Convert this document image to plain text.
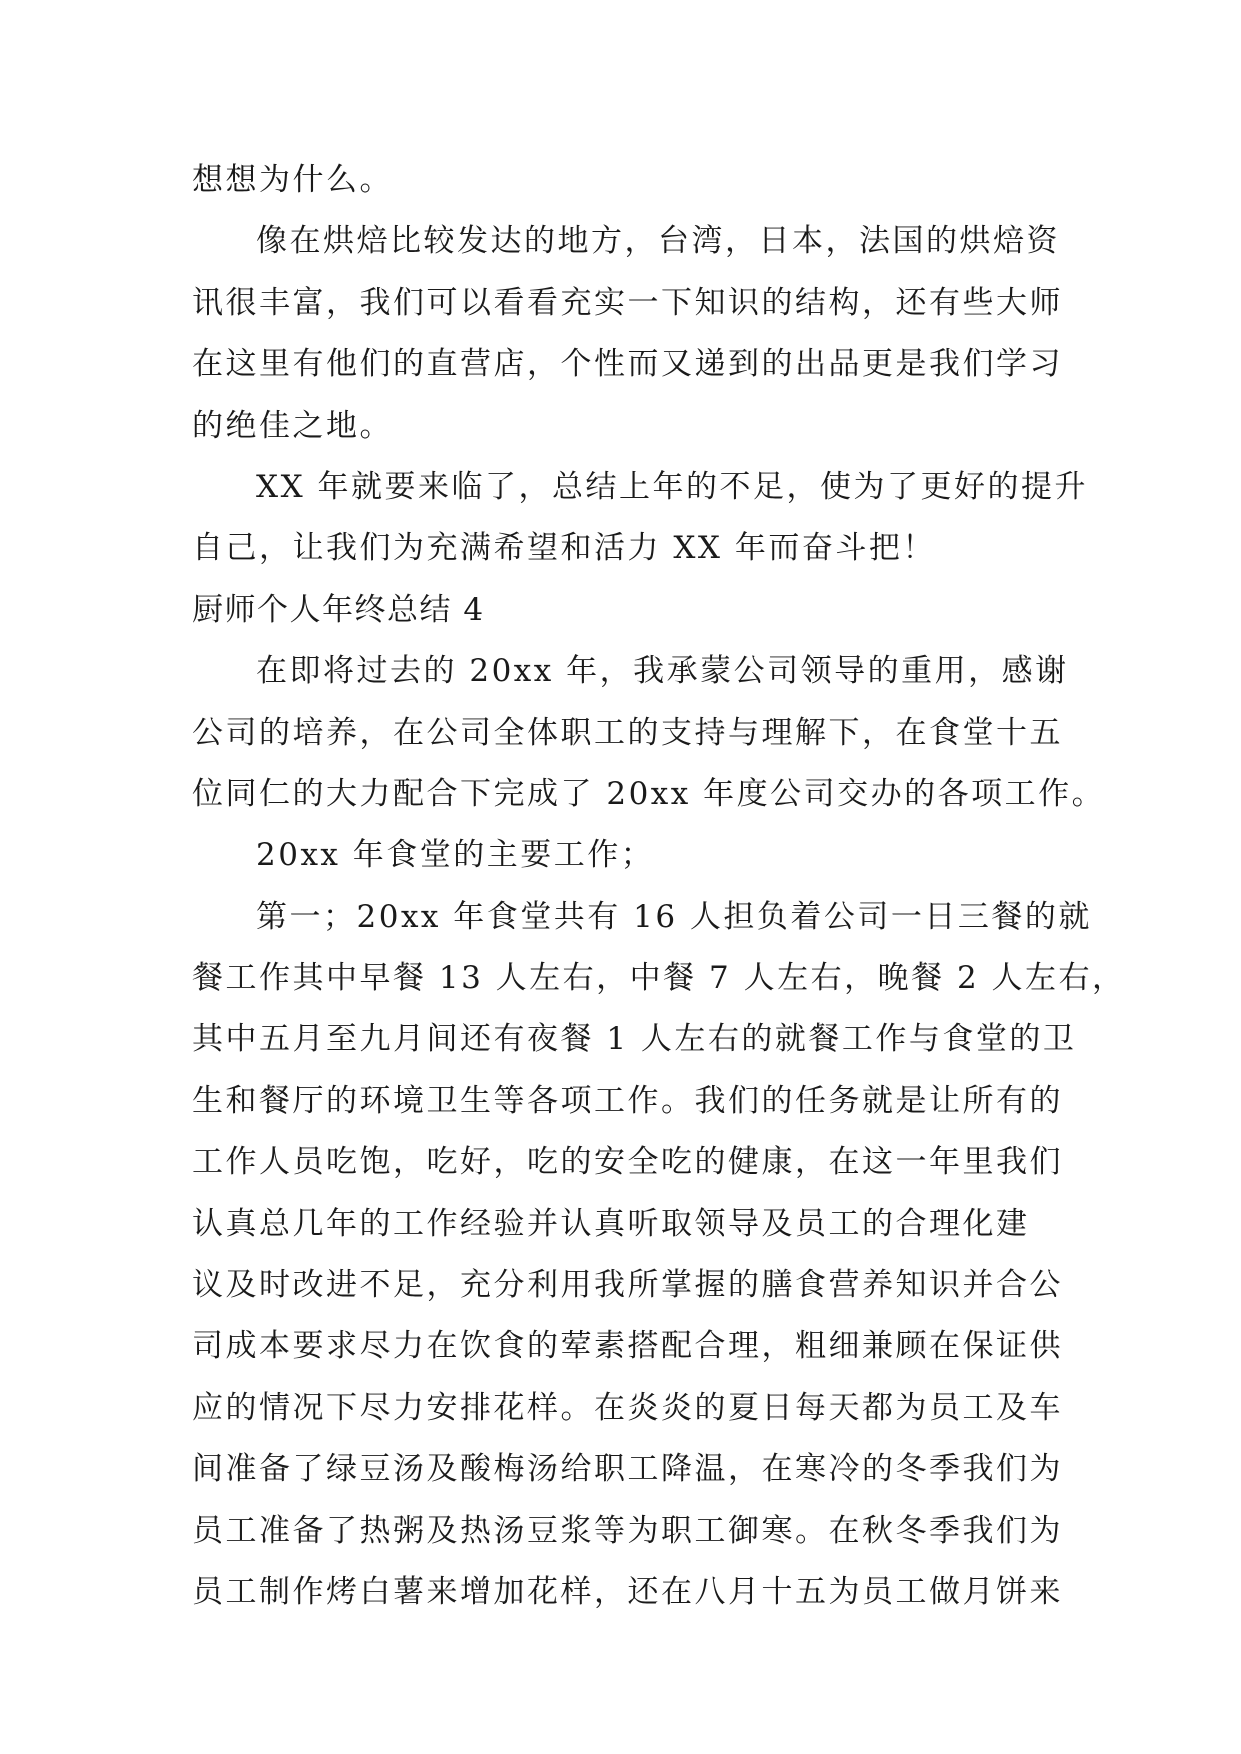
想想为什么。
像在烘焙比较发达的地方，台湾，日本，法国的烘焙资
讯很丰富，我们可以看看充实一下知识的结构，还有些大师
在这里有他们的直营店，个性而又递到的出品更是我们学习
的绝佳之地。
XX 年就要来临了，总结上年的不足，使为了更好的提升
自己，让我们为充满希望和活力 XX 年而奋斗把！
厨师个人年终总结 4
在即将过去的 20xx 年，我承蒙公司领导的重用，感谢
公司的培养，在公司全体职工的支持与理解下，在食堂十五
位同仁的大力配合下完成了 20xx 年度公司交办的各项工作。
20xx 年食堂的主要工作；
第一；20xx 年食堂共有 16 人担负着公司一日三餐的就
餐工作其中早餐 13 人左右，中餐 7 人左右，晚餐 2 人左右，
其中五月至九月间还有夜餐 1 人左右的就餐工作与食堂的卫
生和餐厅的环境卫生等各项工作。我们的任务就是让所有的
工作人员吃饱，吃好，吃的安全吃的健康，在这一年里我们
认真总几年的工作经验并认真听取领导及员工的合理化建
议及时改进不足，充分利用我所掌握的膳食营养知识并合公
司成本要求尽力在饮食的荤素搭配合理，粗细兼顾在保证供
应的情况下尽力安排花样。在炎炎的夏日每天都为员工及车
间准备了绿豆汤及酸梅汤给职工降温，在寒冷的冬季我们为
员工准备了热粥及热汤豆浆等为职工御寒。在秋冬季我们为
员工制作烤白薯来增加花样，还在八月十五为员工做月饼来
